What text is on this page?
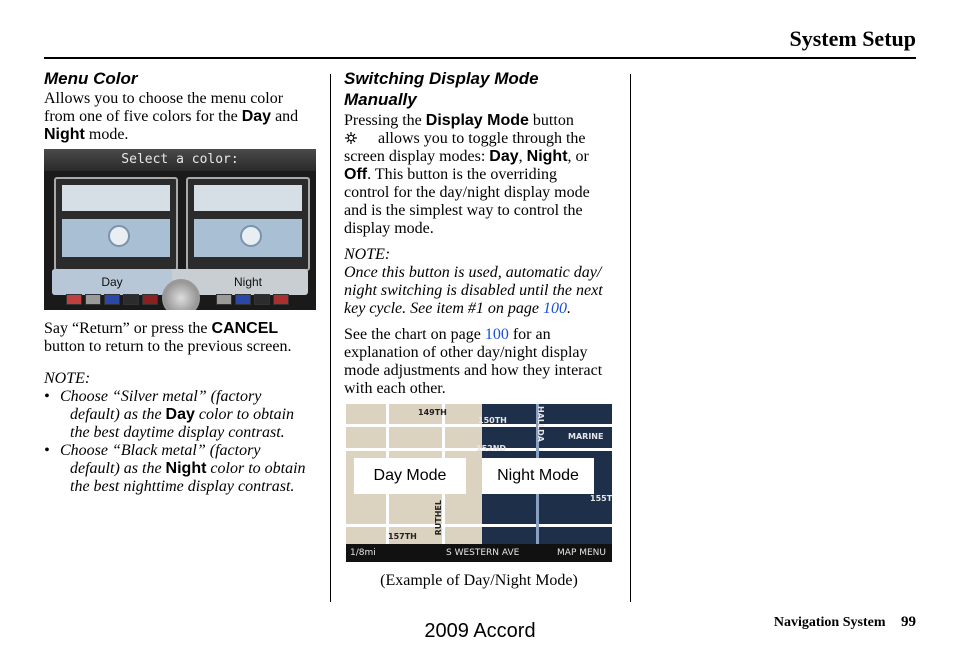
System Setup
Menu Color
Allows you to choose the menu color
from one of five colors for the Day and
Night mode.
Select a color:
Day	Night
Say “Return” or press the CANCEL
button to return to the previous screen.
NOTE:
• Choose “Silver metal” (factory
default) as the Day color to obtain
the best daytime display contrast.
• Choose “Black metal” (factory
default) as the Night color to obtain
the best nighttime display contrast.
Switching Display Mode
Manually
Pressing the Display Mode button
allows you to toggle through the
screen display modes: Day, Night, or
Off. This button is the overriding
control for the day/night display mode
and is the simplest way to control the
display mode.
NOTE:
Once this button is used, automatic day/
night switching is disabled until the next
key cycle. See item #1 on page 100.
See the chart on page 100 for an
explanation of other day/night display
mode adjustments and how they interact
with each other.
149TH
150TH
152ND
MARINE
HALLDA
155T
RUTHEL
157TH
Day Mode	Night Mode
1/8mi	S WESTERN AVE	MAP MENU
(Example of Day/Night Mode)
Navigation System 99
2009 Accord
